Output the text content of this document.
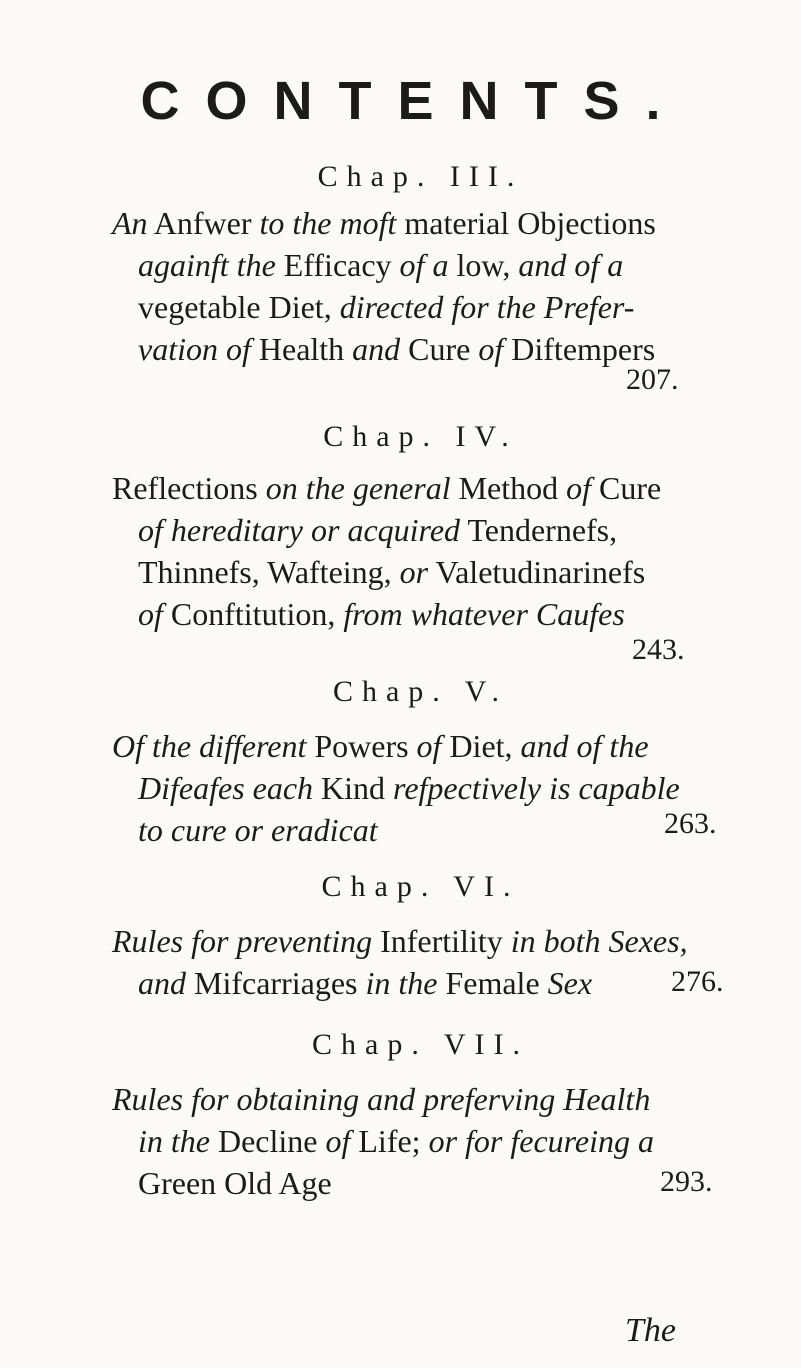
CONTENTS.
Chap. III.
An Anfwer to the moft material Objections
againft the Efficacy of a low, and of a
vegetable Diet, directed for the Prefer-
vation of Health and Cure of Diftempers
207.
Chap. IV.
Reflections on the general Method of Cure
of hereditary or acquired Tendernefs,
Thinnefs, Wafteing, or Valetudinarinefs
of Conftitution, from whatever Caufes
243.
Chap. V.
Of the different Powers of Diet, and of the
Difeafes each Kind refpectively is capable
to cure or eradicat	263.
Chap. VI.
Rules for preventing Infertility in both Sexes,
and Mifcarriages in the Female Sex	276.
Chap. VII.
Rules for obtaining and preferving Health
in the Decline of Life; or for fecureing a
Green Old Age	293.
The
